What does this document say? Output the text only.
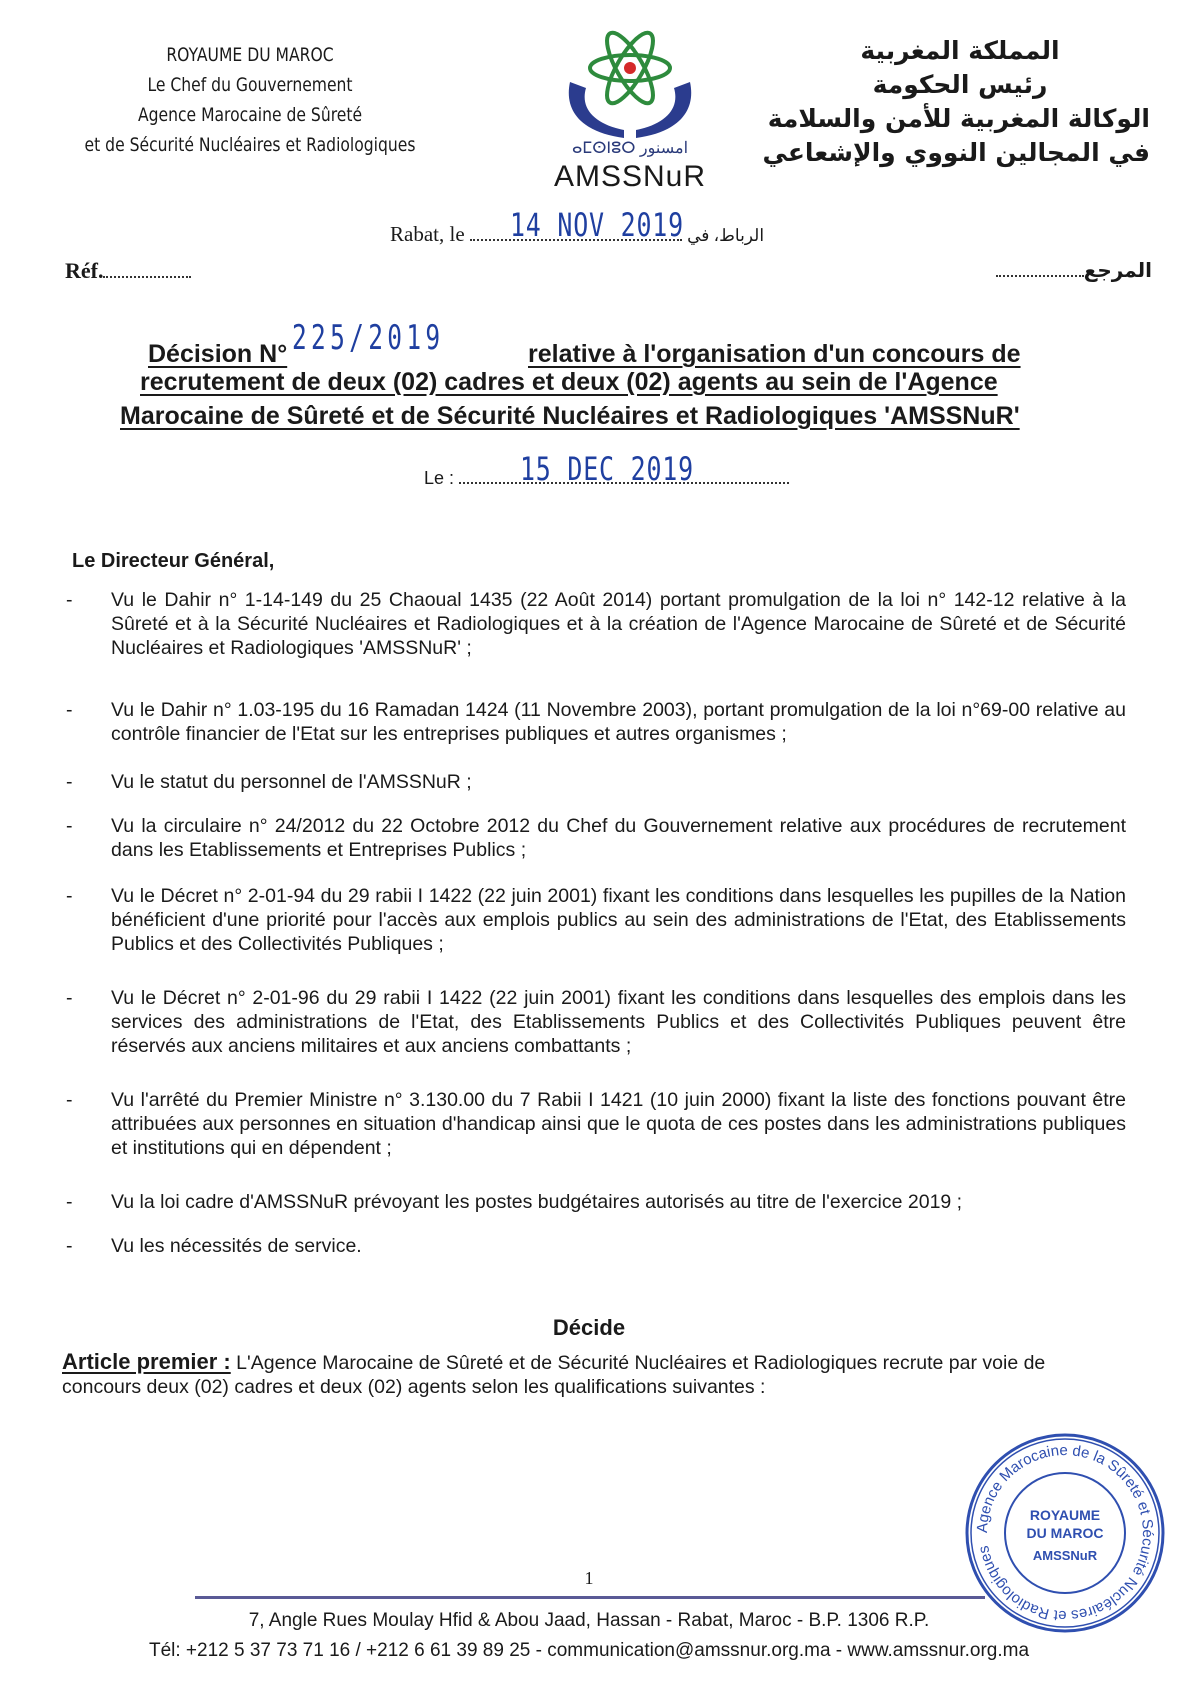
ROYAUME DU MAROC
Le Chef du Gouvernement
Agence Marocaine de Sûreté
et de Sécurité Nucléaires et Radiologiques	ⴰⵎⵙⵏⵓⵔ امسنور
AMSSNuR
المملكة المغربية
رئيس الحكومة
الوكالة المغربية للأمن والسلامة
في المجالين النووي والإشعاعي
Rabat, le	الرباط، في
14 NOV 2019
Réf.	المرجع
Décision N° 225/2019	relative à l'organisation d'un concours de
recrutement de deux (02) cadres et deux (02) agents au sein de l'Agence
Marocaine de Sûreté et de Sécurité Nucléaires et Radiologiques 'AMSSNuR'
Le :	15 DEC 2019
Le Directeur Général,
- Vu le Dahir n° 1-14-149 du 25 Chaoual 1435 (22 Août 2014) portant promulgation de la loi n° 142-12 relative à la Sûreté et à la Sécurité Nucléaires et Radiologiques et à la création de l'Agence Marocaine de Sûreté et de Sécurité Nucléaires et Radiologiques 'AMSSNuR' ;
- Vu le Dahir n° 1.03-195 du 16 Ramadan 1424 (11 Novembre 2003), portant promulgation de la loi n°69-00 relative au contrôle financier de l'Etat sur les entreprises publiques et autres organismes ;
- Vu le statut du personnel de l'AMSSNuR ;
- Vu la circulaire n° 24/2012 du 22 Octobre 2012 du Chef du Gouvernement relative aux procédures de recrutement dans les Etablissements et Entreprises Publics ;
- Vu le Décret n° 2-01-94 du 29 rabii I 1422 (22 juin 2001) fixant les conditions dans lesquelles les pupilles de la Nation bénéficient d'une priorité pour l'accès aux emplois publics au sein des administrations de l'Etat, des Etablissements Publics et des Collectivités Publiques ;
- Vu le Décret n° 2-01-96 du 29 rabii I 1422 (22 juin 2001) fixant les conditions dans lesquelles des emplois dans les services des administrations de l'Etat, des Etablissements Publics et des Collectivités Publiques peuvent être réservés aux anciens militaires et aux anciens combattants ;
- Vu l'arrêté du Premier Ministre n° 3.130.00 du 7 Rabii I 1421 (10 juin 2000) fixant la liste des fonctions pouvant être attribuées aux personnes en situation d'handicap ainsi que le quota de ces postes dans les administrations publiques et institutions qui en dépendent ;
- Vu la loi cadre d'AMSSNuR prévoyant les postes budgétaires autorisés au titre de l'exercice 2019 ;
- Vu les nécessités de service.
Décide
Article premier : L'Agence Marocaine de Sûreté et de Sécurité Nucléaires et Radiologiques recrute par voie de concours deux (02) cadres et deux (02) agents selon les qualifications suivantes :
Agence Marocaine de la Sûreté et Sécurité Nucléaires et Radiologiques
ROYAUME
DU MAROC
AMSSNuR
1
7, Angle Rues Moulay Hfid & Abou Jaad, Hassan - Rabat, Maroc - B.P. 1306 R.P.
Tél: +212 5 37 73 71 16 / +212 6 61 39 89 25 - communication@amssnur.org.ma - www.amssnur.org.ma
